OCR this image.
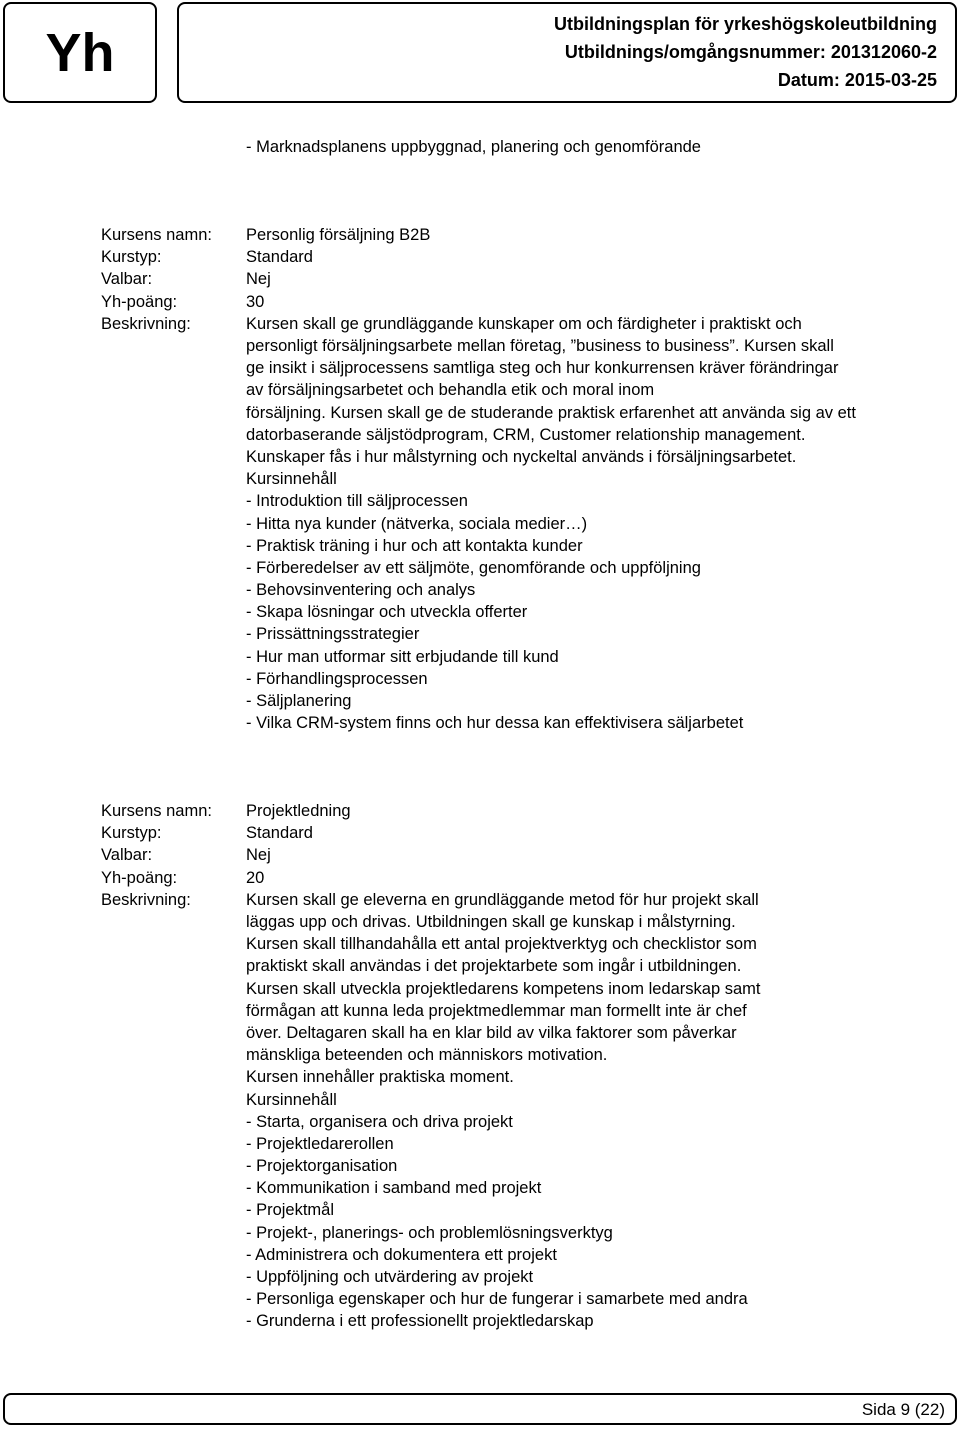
Yh	Utbildningsplan för yrkeshögskoleutbildning
Utbildnings/omgångsnummer: 201312060-2
Datum: 2015-03-25
- Marknadsplanens uppbyggnad, planering och genomförande
Kursens namn:	Personlig försäljning B2B
Kurstyp:	Standard
Valbar:	Nej
Yh-poäng:	30
Beskrivning:	Kursen skall ge grundläggande kunskaper om och färdigheter i praktiskt och
personligt försäljningsarbete mellan företag, ”business to business”. Kursen skall
ge insikt i säljprocessens samtliga steg och hur konkurrensen kräver förändringar
av försäljningsarbetet och behandla etik och moral inom
försäljning. Kursen skall ge de studerande praktisk erfarenhet att använda sig av ett
datorbaserande säljstödprogram, CRM, Customer relationship management.
Kunskaper fås i hur målstyrning och nyckeltal används i försäljningsarbetet.
Kursinnehåll
- Introduktion till säljprocessen
- Hitta nya kunder (nätverka, sociala medier…)
- Praktisk träning i hur och att kontakta kunder
- Förberedelser av ett säljmöte, genomförande och uppföljning
- Behovsinventering och analys
- Skapa lösningar och utveckla offerter
- Prissättningsstrategier
- Hur man utformar sitt erbjudande till kund
- Förhandlingsprocessen
- Säljplanering
- Vilka CRM-system finns och hur dessa kan effektivisera säljarbetet
Kursens namn:	Projektledning
Kurstyp:	Standard
Valbar:	Nej
Yh-poäng:	20
Beskrivning:	Kursen skall ge eleverna en grundläggande metod för hur projekt skall
läggas upp och drivas. Utbildningen skall ge kunskap i målstyrning.
Kursen skall tillhandahålla ett antal projektverktyg och checklistor som
praktiskt skall användas i det projektarbete som ingår i utbildningen.
Kursen skall utveckla projektledarens kompetens inom ledarskap samt
förmågan att kunna leda projektmedlemmar man formellt inte är chef
över. Deltagaren skall ha en klar bild av vilka faktorer som påverkar
mänskliga beteenden och människors motivation.
Kursen innehåller praktiska moment.
Kursinnehåll
- Starta, organisera och driva projekt
- Projektledarerollen
- Projektorganisation
- Kommunikation i samband med projekt
- Projektmål
- Projekt-, planerings- och problemlösningsverktyg
- Administrera och dokumentera ett projekt
- Uppföljning och utvärdering av projekt
- Personliga egenskaper och hur de fungerar i samarbete med andra
- Grunderna i ett professionellt projektledarskap
Sida 9 (22)
